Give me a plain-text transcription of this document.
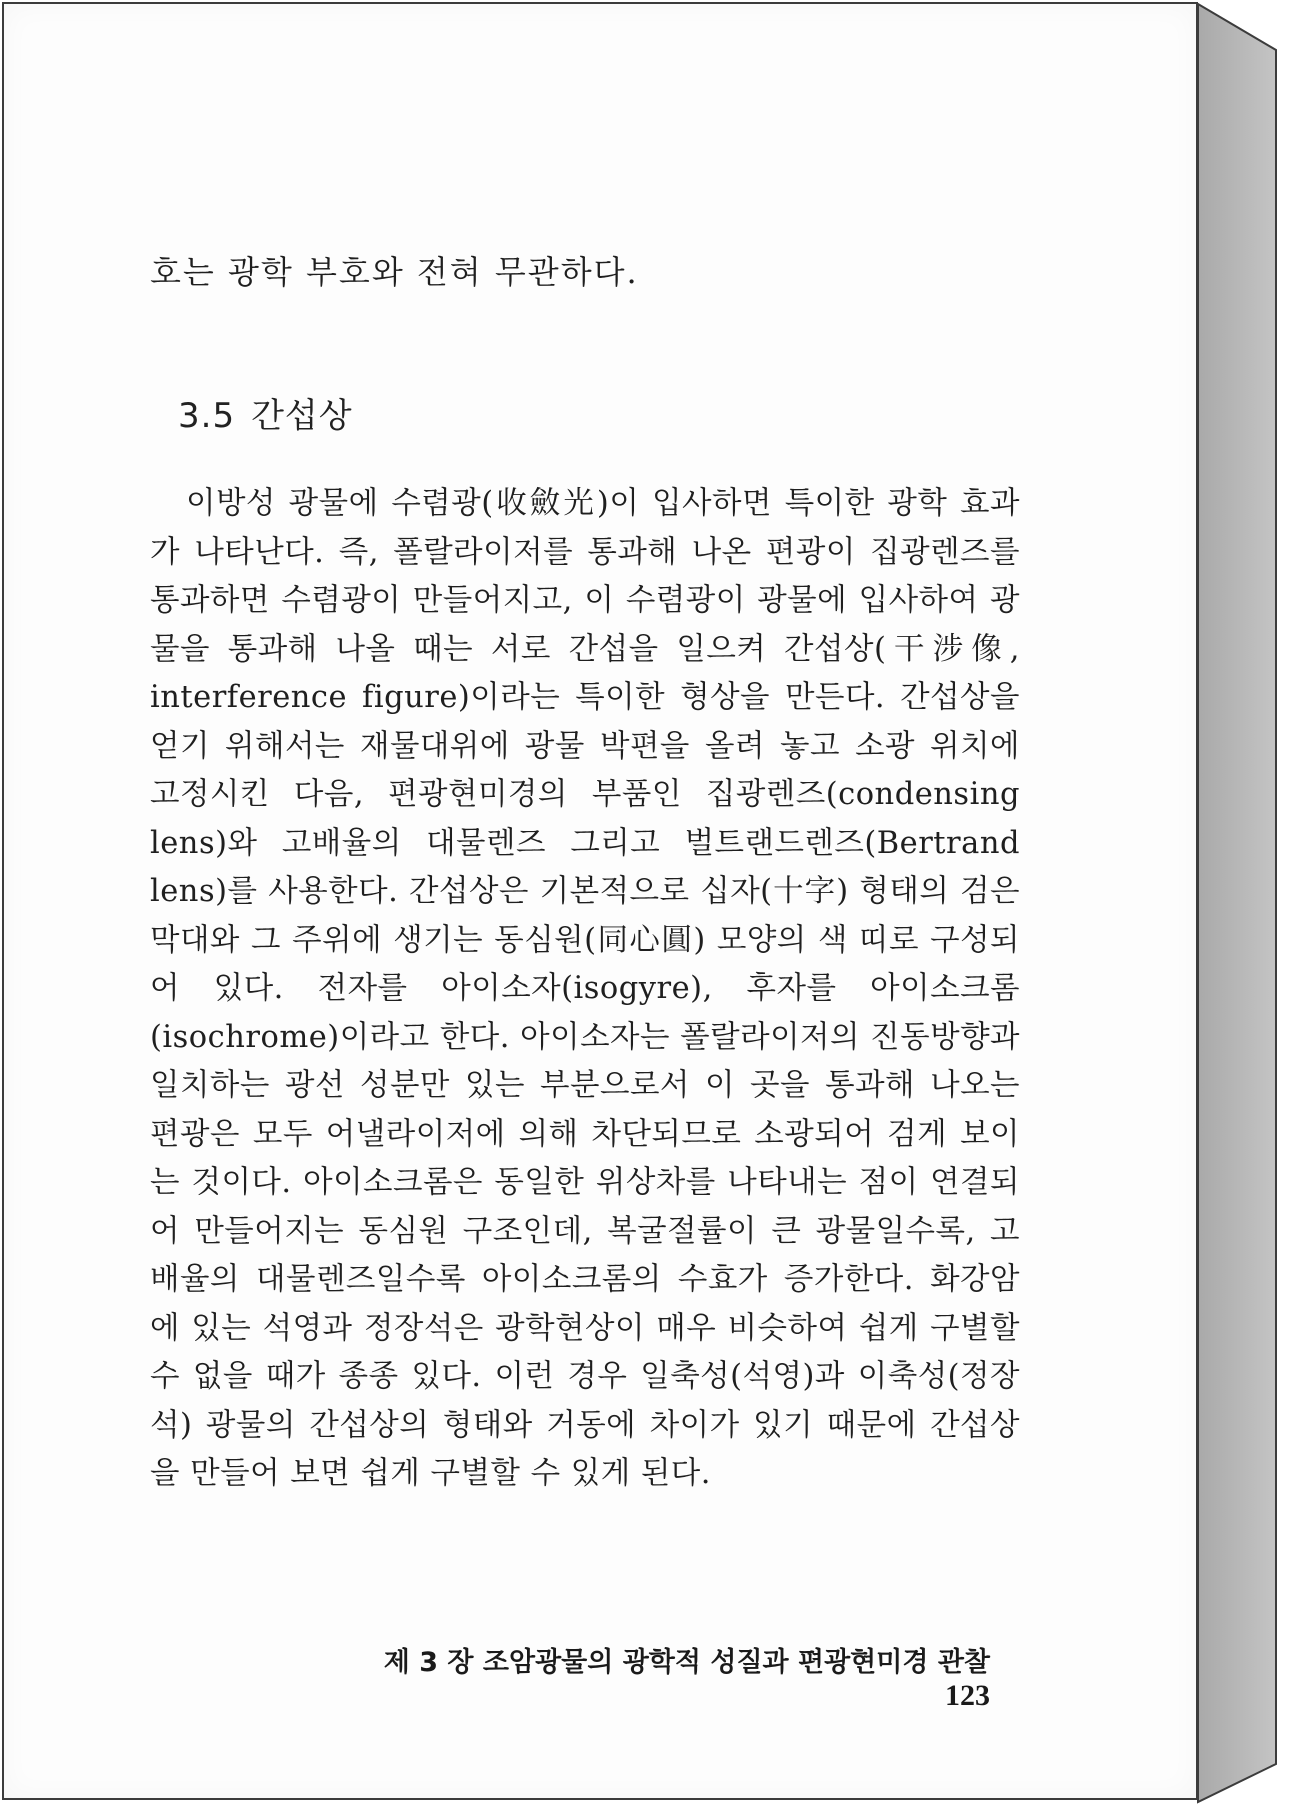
호는 광학 부호와 전혀 무관하다.
3.5 간섭상
이방성 광물에 수렴광(收斂光)이 입사하면 특이한 광학 효과가 나타난다. 즉, 폴랄라이저를 통과해 나온 편광이 집광렌즈를 통과하면 수렴광이 만들어지고, 이 수렴광이 광물에 입사하여 광물을 통과해 나올 때는 서로 간섭을 일으켜 간섭상(干涉像, interference figure)이라는 특이한 형상을 만든다. 간섭상을 얻기 위해서는 재물대위에 광물 박편을 올려 놓고 소광 위치에 고정시킨 다음, 편광현미경의 부품인 집광렌즈(condensing lens)와 고배율의 대물렌즈 그리고 벌트랜드렌즈(Bertrand lens)를 사용한다. 간섭상은 기본적으로 십자(十字) 형태의 검은 막대와 그 주위에 생기는 동심원(同心圓) 모양의 색 띠로 구성되어 있다. 전자를 아이소자(isogyre), 후자를 아이소크롬(isochrome)이라고 한다. 아이소자는 폴랄라이저의 진동방향과 일치하는 광선 성분만 있는 부분으로서 이 곳을 통과해 나오는 편광은 모두 어낼라이저에 의해 차단되므로 소광되어 검게 보이는 것이다. 아이소크롬은 동일한 위상차를 나타내는 점이 연결되어 만들어지는 동심원 구조인데, 복굴절률이 큰 광물일수록, 고배율의 대물렌즈일수록 아이소크롬의 수효가 증가한다. 화강암에 있는 석영과 정장석은 광학현상이 매우 비슷하여 쉽게 구별할 수 없을 때가 종종 있다. 이런 경우 일축성(석영)과 이축성(정장석) 광물의 간섭상의 형태와 거동에 차이가 있기 때문에 간섭상을 만들어 보면 쉽게 구별할 수 있게 된다.
제 3 장 조암광물의 광학적 성질과 편광현미경 관찰123
